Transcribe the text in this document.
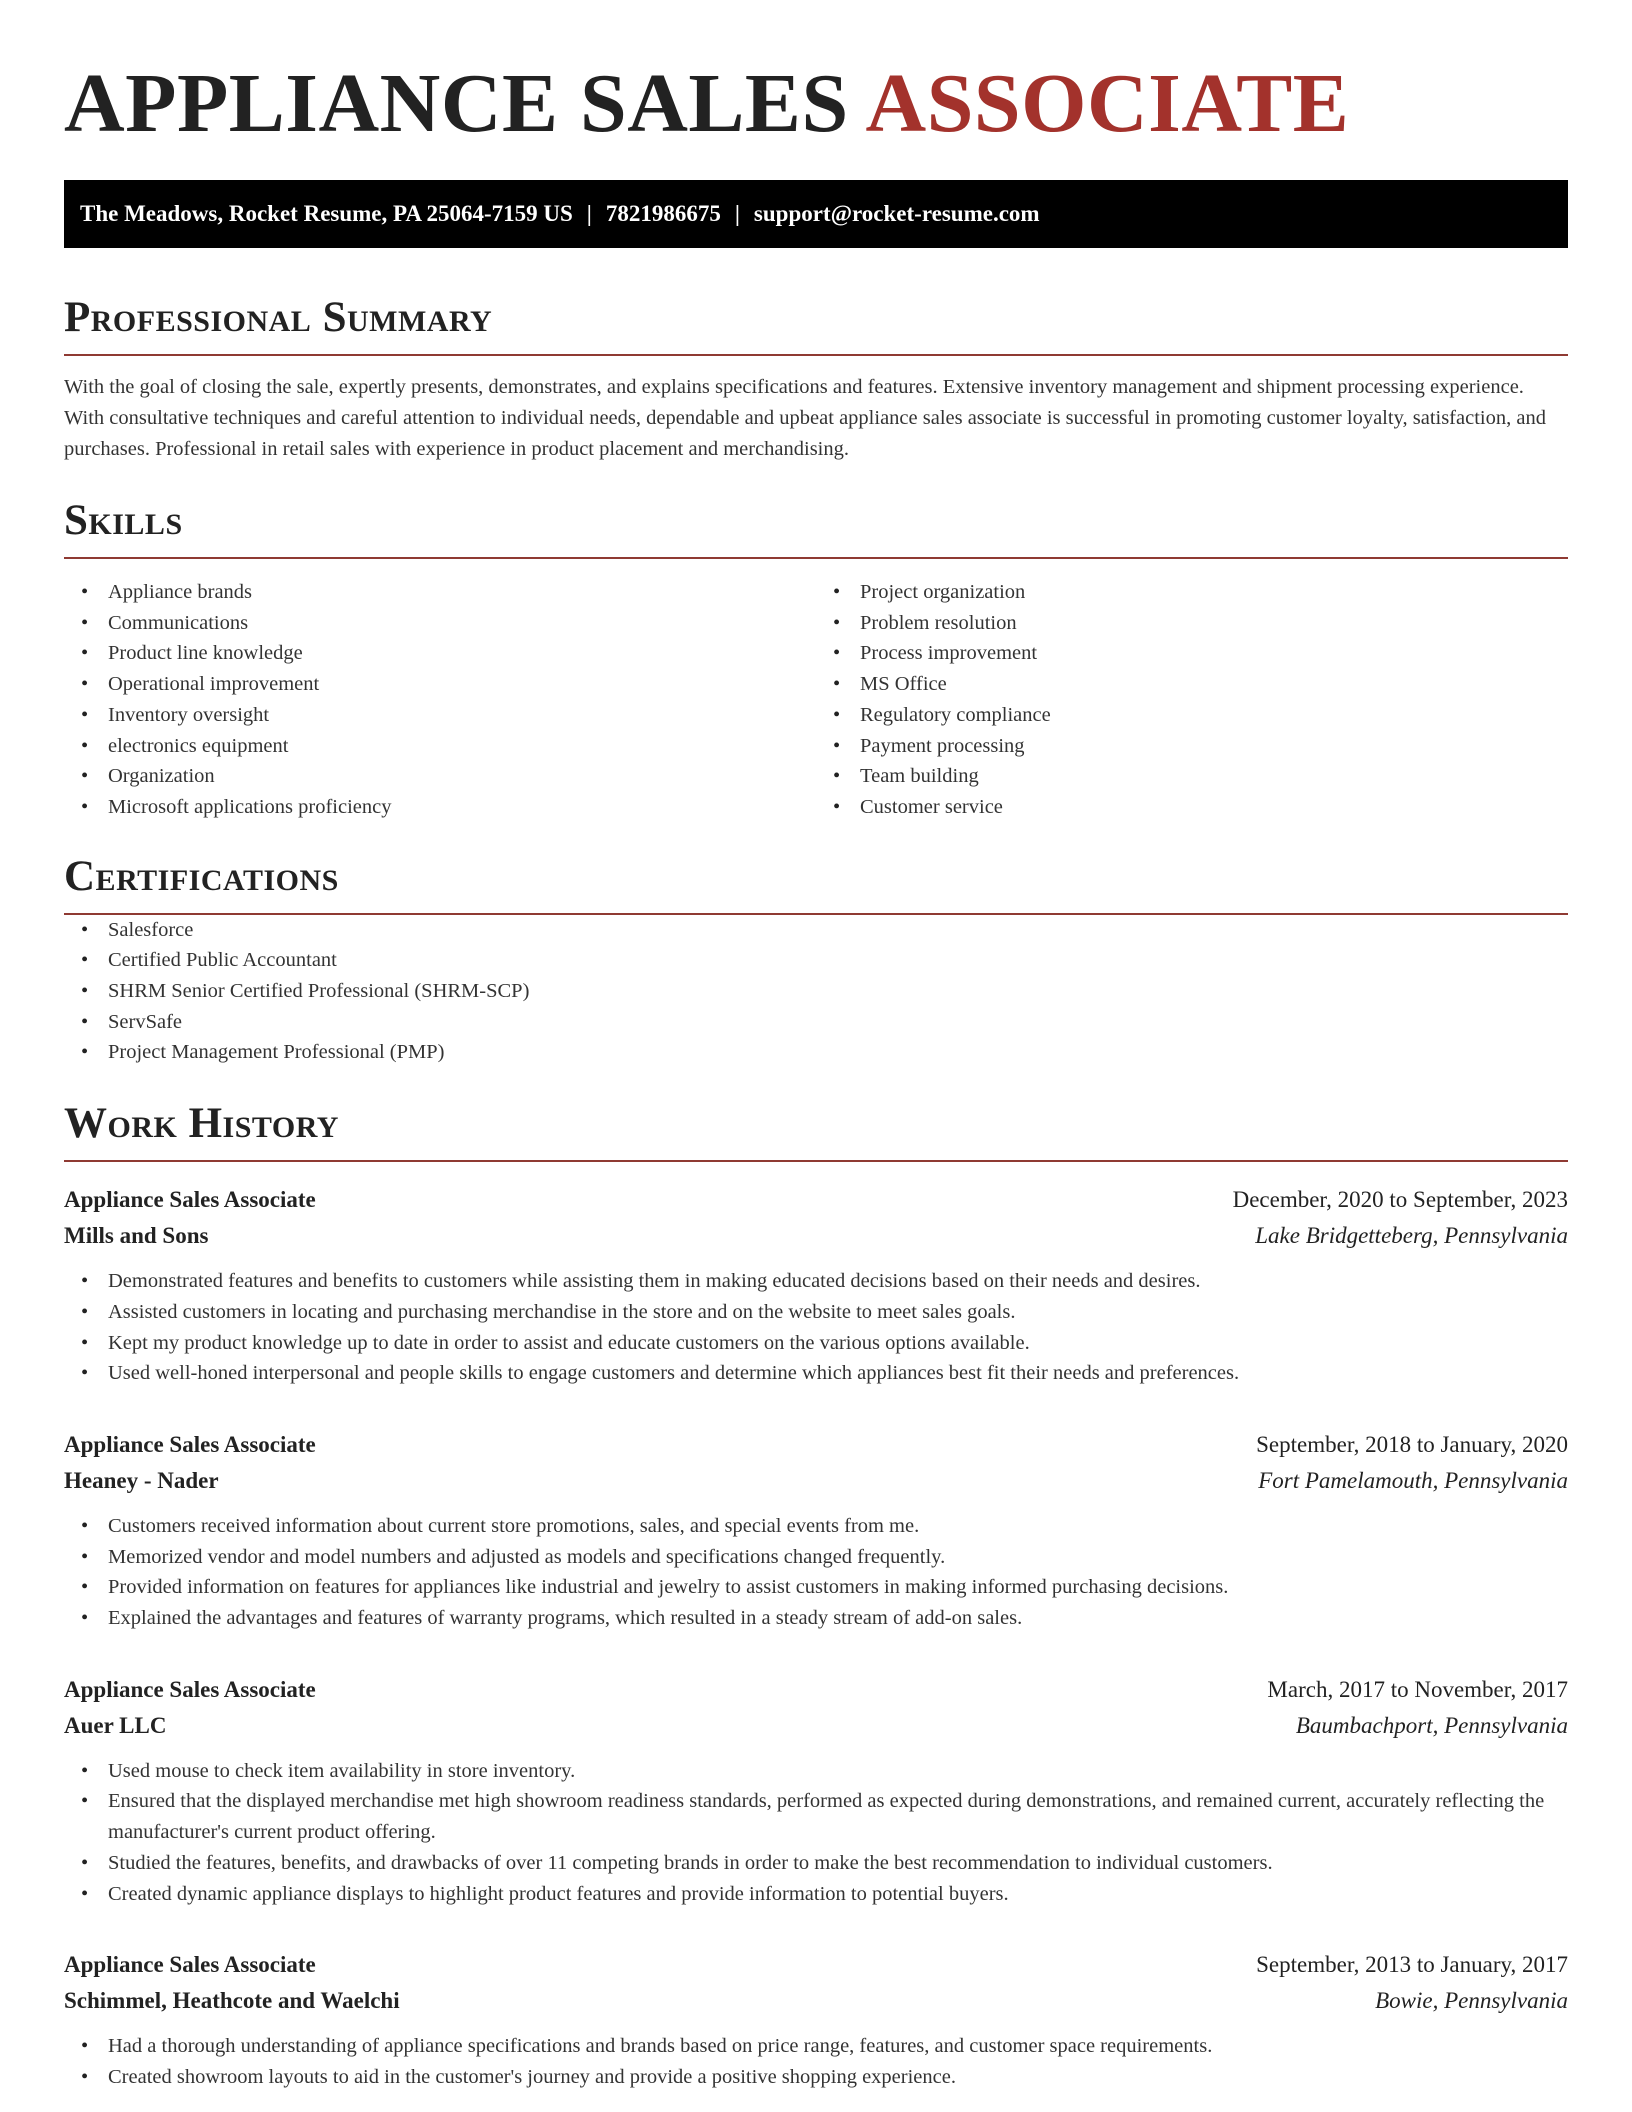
APPLIANCE SALES ASSOCIATE
The Meadows, Rocket Resume, PA 25064-7159 US | 7821986675 | support@rocket-resume.com
Professional Summary

With the goal of closing the sale, expertly presents, demonstrates, and explains specifications and features. Extensive inventory management and shipment processing experience. With consultative techniques and careful attention to individual needs, dependable and upbeat appliance sales associate is successful in promoting customer loyalty, satisfaction, and purchases. Professional in retail sales with experience in product placement and merchandising.

Skills
• Appliance brands
• Communications
• Product line knowledge
• Operational improvement
• Inventory oversight
• electronics equipment
• Organization
• Microsoft applications proficiency
• Project organization
• Problem resolution
• Process improvement
• MS Office
• Regulatory compliance
• Payment processing
• Team building
• Customer service
Certifications
• Salesforce
• Certified Public Accountant
• SHRM Senior Certified Professional (SHRM-SCP)
• ServSafe
• Project Management Professional (PMP)
Work History
Appliance Sales Associate	December, 2020 to September, 2023
Mills and Sons	Lake Bridgetteberg, Pennsylvania
• Demonstrated features and benefits to customers while assisting them in making educated decisions based on their needs and desires.
• Assisted customers in locating and purchasing merchandise in the store and on the website to meet sales goals.
• Kept my product knowledge up to date in order to assist and educate customers on the various options available.
• Used well-honed interpersonal and people skills to engage customers and determine which appliances best fit their needs and preferences.
Appliance Sales Associate	September, 2018 to January, 2020
Heaney - Nader	Fort Pamelamouth, Pennsylvania
• Customers received information about current store promotions, sales, and special events from me.
• Memorized vendor and model numbers and adjusted as models and specifications changed frequently.
• Provided information on features for appliances like industrial and jewelry to assist customers in making informed purchasing decisions.
• Explained the advantages and features of warranty programs, which resulted in a steady stream of add-on sales.
Appliance Sales Associate	March, 2017 to November, 2017
Auer LLC	Baumbachport, Pennsylvania
• Used mouse to check item availability in store inventory.
• Ensured that the displayed merchandise met high showroom readiness standards, performed as expected during demonstrations, and remained current, accurately reflecting the manufacturer's current product offering.
• Studied the features, benefits, and drawbacks of over 11 competing brands in order to make the best recommendation to individual customers.
• Created dynamic appliance displays to highlight product features and provide information to potential buyers.
Appliance Sales Associate	September, 2013 to January, 2017
Schimmel, Heathcote and Waelchi	Bowie, Pennsylvania
• Had a thorough understanding of appliance specifications and brands based on price range, features, and customer space requirements.
• Created showroom layouts to aid in the customer's journey and provide a positive shopping experience.
